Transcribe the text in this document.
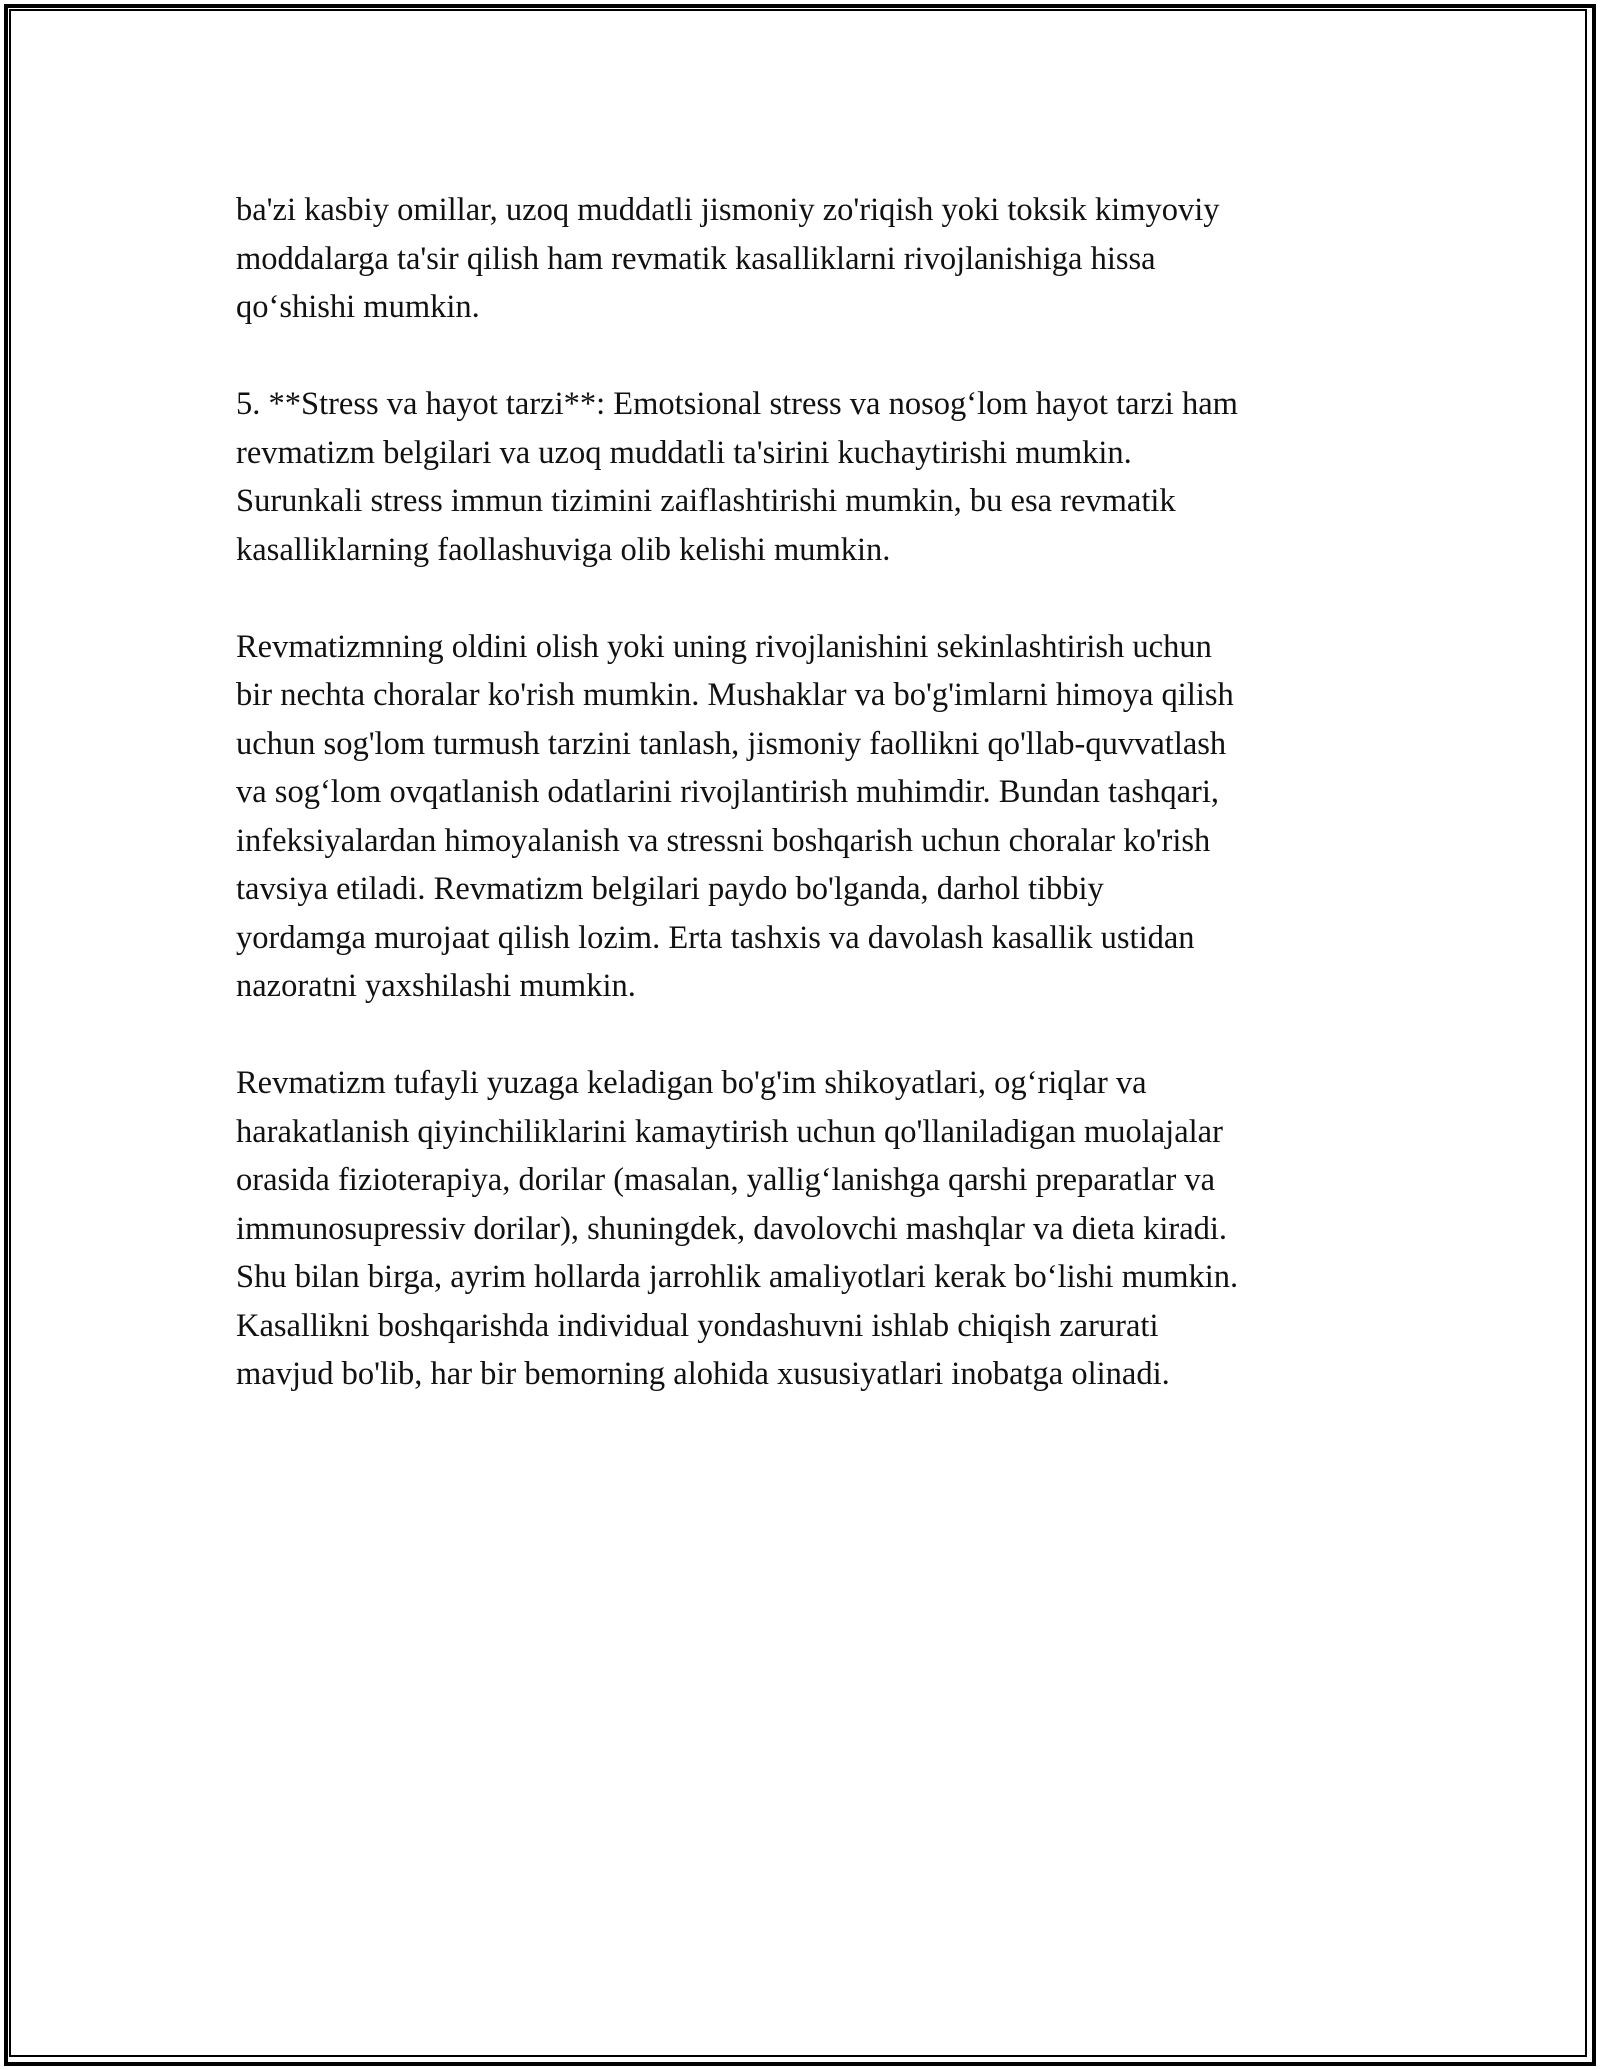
ba'zi kasbiy omillar, uzoq muddatli jismoniy zo'riqish yoki toksik kimyoviy
moddalarga ta'sir qilish ham revmatik kasalliklarni rivojlanishiga hissa
qo‘shishi mumkin.

5. **Stress va hayot tarzi**: Emotsional stress va nosog‘lom hayot tarzi ham
revmatizm belgilari va uzoq muddatli ta'sirini kuchaytirishi mumkin.
Surunkali stress immun tizimini zaiflashtirishi mumkin, bu esa revmatik
kasalliklarning faollashuviga olib kelishi mumkin.

Revmatizmning oldini olish yoki uning rivojlanishini sekinlashtirish uchun
bir nechta choralar ko'rish mumkin. Mushaklar va bo'g'imlarni himoya qilish
uchun sog'lom turmush tarzini tanlash, jismoniy faollikni qo'llab-quvvatlash
va sog‘lom ovqatlanish odatlarini rivojlantirish muhimdir. Bundan tashqari,
infeksiyalardan himoyalanish va stressni boshqarish uchun choralar ko'rish
tavsiya etiladi. Revmatizm belgilari paydo bo'lganda, darhol tibbiy
yordamga murojaat qilish lozim. Erta tashxis va davolash kasallik ustidan
nazoratni yaxshilashi mumkin.

Revmatizm tufayli yuzaga keladigan bo'g'im shikoyatlari, og‘riqlar va
harakatlanish qiyinchiliklarini kamaytirish uchun qo'llaniladigan muolajalar
orasida fizioterapiya, dorilar (masalan, yallig‘lanishga qarshi preparatlar va
immunosupressiv dorilar), shuningdek, davolovchi mashqlar va dieta kiradi.
Shu bilan birga, ayrim hollarda jarrohlik amaliyotlari kerak bo‘lishi mumkin.
Kasallikni boshqarishda individual yondashuvni ishlab chiqish zarurati
mavjud bo'lib, har bir bemorning alohida xususiyatlari inobatga olinadi.
